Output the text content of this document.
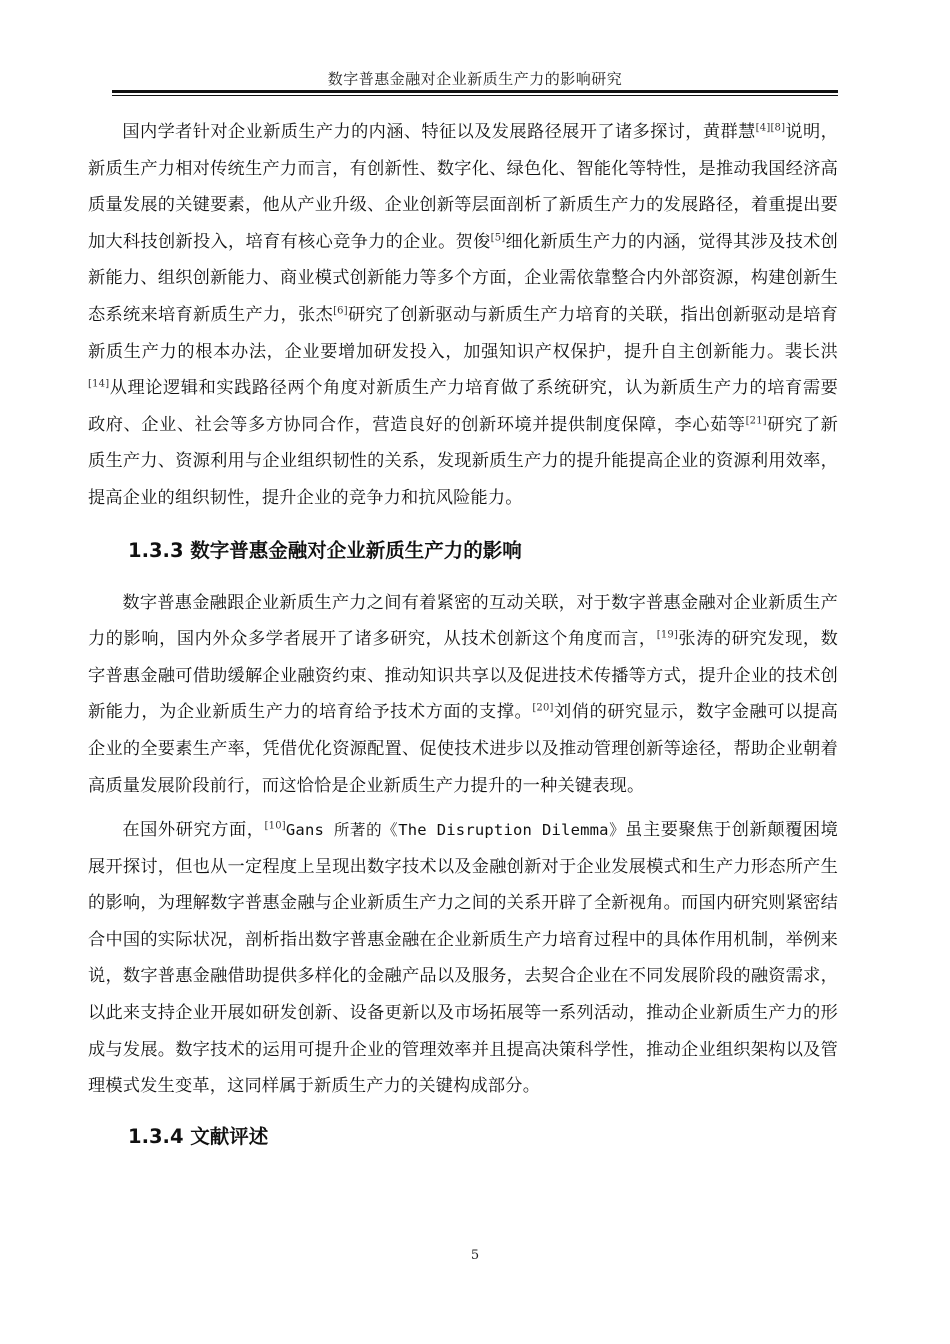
数字普惠金融对企业新质生产力的影响研究

国内学者针对企业新质生产力的内涵、特征以及发展路径展开了诸多探讨，黄群慧[4][8]说明，新质生产力相对传统生产力而言，有创新性、数字化、绿色化、智能化等特性，是推动我国经济高质量发展的关键要素，他从产业升级、企业创新等层面剖析了新质生产力的发展路径，着重提出要加大科技创新投入，培育有核心竞争力的企业。贺俊[5]细化新质生产力的内涵，觉得其涉及技术创新能力、组织创新能力、商业模式创新能力等多个方面，企业需依靠整合内外部资源，构建创新生态系统来培育新质生产力，张杰[6]研究了创新驱动与新质生产力培育的关联，指出创新驱动是培育新质生产力的根本办法，企业要增加研发投入，加强知识产权保护，提升自主创新能力。裴长洪[14]从理论逻辑和实践路径两个角度对新质生产力培育做了系统研究，认为新质生产力的培育需要政府、企业、社会等多方协同合作，营造良好的创新环境并提供制度保障，李心茹等[21]研究了新质生产力、资源利用与企业组织韧性的关系，发现新质生产力的提升能提高企业的资源利用效率，提高企业的组织韧性，提升企业的竞争力和抗风险能力。

1.3.3 数字普惠金融对企业新质生产力的影响

数字普惠金融跟企业新质生产力之间有着紧密的互动关联，对于数字普惠金融对企业新质生产力的影响，国内外众多学者展开了诸多研究，从技术创新这个角度而言，[19]张涛的研究发现，数字普惠金融可借助缓解企业融资约束、推动知识共享以及促进技术传播等方式，提升企业的技术创新能力，为企业新质生产力的培育给予技术方面的支撑。[20]刘俏的研究显示，数字金融可以提高企业的全要素生产率，凭借优化资源配置、促使技术进步以及推动管理创新等途径，帮助企业朝着高质量发展阶段前行，而这恰恰是企业新质生产力提升的一种关键表现。

在国外研究方面，[10]Gans 所著的《The Disruption Dilemma》虽主要聚焦于创新颠覆困境展开探讨，但也从一定程度上呈现出数字技术以及金融创新对于企业发展模式和生产力形态所产生的影响，为理解数字普惠金融与企业新质生产力之间的关系开辟了全新视角。而国内研究则紧密结合中国的实际状况，剖析指出数字普惠金融在企业新质生产力培育过程中的具体作用机制，举例来说，数字普惠金融借助提供多样化的金融产品以及服务，去契合企业在不同发展阶段的融资需求，以此来支持企业开展如研发创新、设备更新以及市场拓展等一系列活动，推动企业新质生产力的形成与发展。数字技术的运用可提升企业的管理效率并且提高决策科学性，推动企业组织架构以及管理模式发生变革，这同样属于新质生产力的关键构成部分。

1.3.4 文献评述
5
